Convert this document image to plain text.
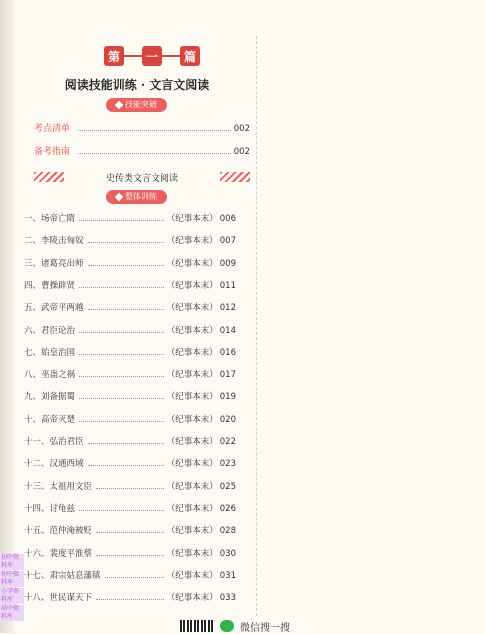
第	一	篇
阅读技能训练 · 文言文阅读
技能突破
考点清单	002
备考指南	002
史传类文言文阅读
整体训练
一、场帝亡隋	（纪事本末） 006
二、李陵击匈奴	（纪事本末） 007
三、诸葛亮出师	（纪事本末） 009
四、曹操辟贤	（纪事本末） 011
五、武帝平两越	（纪事本末） 012
六、君臣论治	（纪事本末） 014
七、始皇治国	（纪事本末） 016
八、巫蛊之祸	（纪事本末） 017
九、刘备据蜀	（纪事本末） 019
十、高帝灭楚	（纪事本末） 020
十一、弘治君臣	（纪事本末） 022
十二、汉通西域	（纪事本末） 023
十三、太祖用文臣	（纪事本末） 025
十四、讨龟兹	（纪事本末） 026
十五、范仲淹被贬	（纪事本末） 028
十六、裴度平淮蔡	（纪事本末） 030
十七、肃宗姑息藩镇	（纪事本末） 031
十八、世民谋天下	（纪事本末） 033
初中资料库
初中资料库
小学资料库
高中资料库
微信搜一搜
